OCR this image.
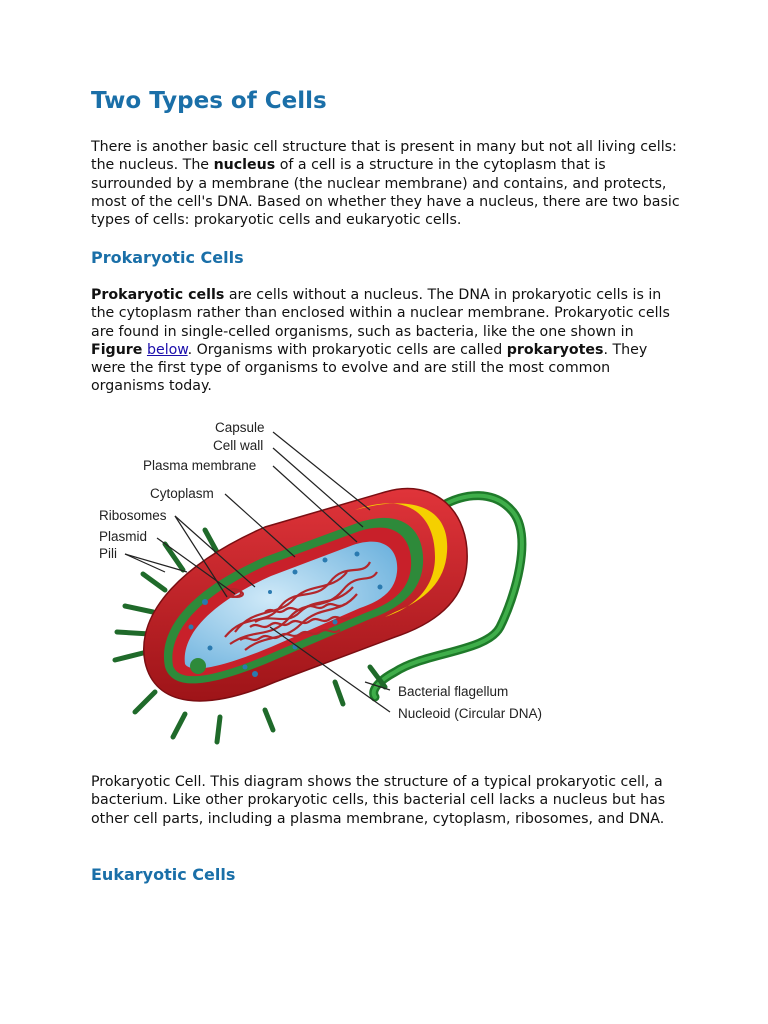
Two Types of Cells

There is another basic cell structure that is present in many but not all living cells: the nucleus. The nucleus of a cell is a structure in the cytoplasm that is surrounded by a membrane (the nuclear membrane) and contains, and protects, most of the cell's DNA. Based on whether they have a nucleus, there are two basic types of cells: prokaryotic cells and eukaryotic cells.

Prokaryotic Cells

Prokaryotic cells are cells without a nucleus. The DNA in prokaryotic cells is in the cytoplasm rather than enclosed within a nuclear membrane. Prokaryotic cells are found in single-celled organisms, such as bacteria, like the one shown in Figure below. Organisms with prokaryotic cells are called prokaryotes. They were the first type of organisms to evolve and are still the most common organisms today.

Capsule
Cell wall
Plasma membrane
Cytoplasm
Ribosomes
Plasmid
Pili
Bacterial flagellum
Nucleoid (Circular DNA)

Prokaryotic Cell. This diagram shows the structure of a typical prokaryotic cell, a bacterium. Like other prokaryotic cells, this bacterial cell lacks a nucleus but has other cell parts, including a plasma membrane, cytoplasm, ribosomes, and DNA.

Eukaryotic Cells
